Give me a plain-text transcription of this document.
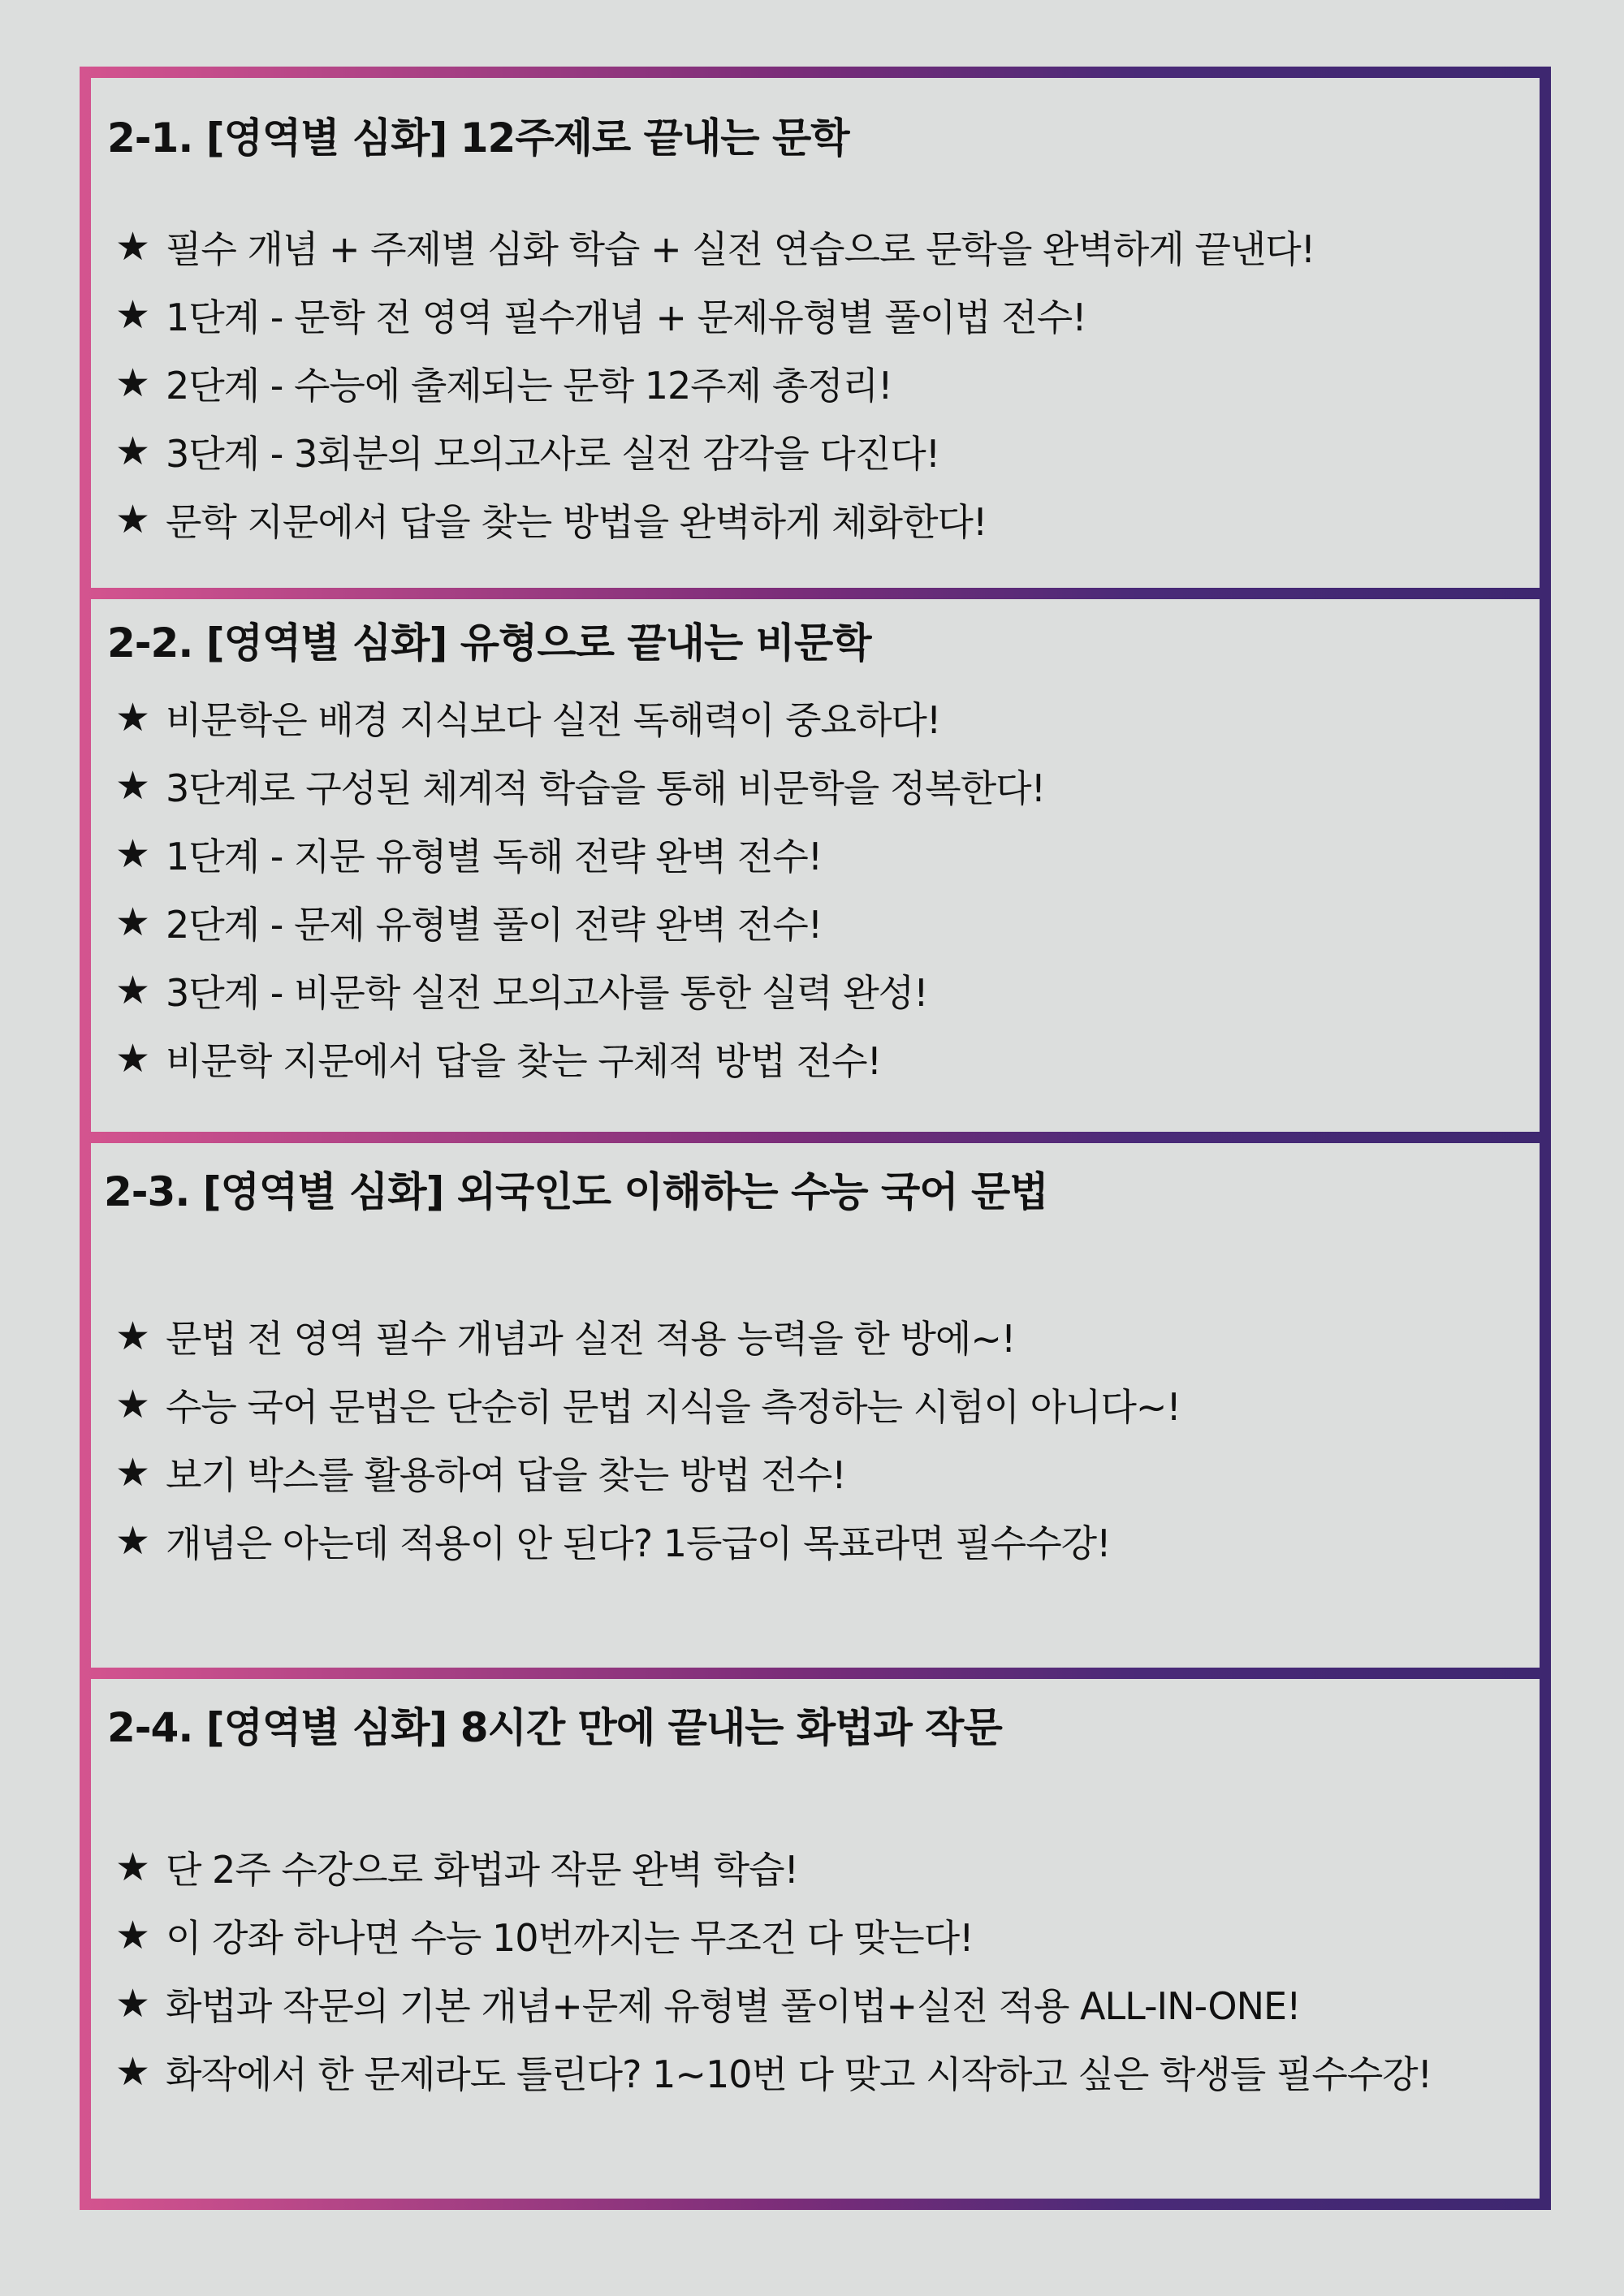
2-1. [영역별 심화] 12주제로 끝내는 문학
★ 필수 개념 + 주제별 심화 학습 + 실전 연습으로 문학을 완벽하게 끝낸다!
★ 1단계 - 문학 전 영역 필수개념 + 문제유형별 풀이법 전수!
★ 2단계 - 수능에 출제되는 문학 12주제 총정리!
★ 3단계 - 3회분의 모의고사로 실전 감각을 다진다!
★ 문학 지문에서 답을 찾는 방법을 완벽하게 체화한다!
2-2. [영역별 심화] 유형으로 끝내는 비문학
★ 비문학은 배경 지식보다 실전 독해력이 중요하다!
★ 3단계로 구성된 체계적 학습을 통해 비문학을 정복한다!
★ 1단계 - 지문 유형별 독해 전략 완벽 전수!
★ 2단계 - 문제 유형별 풀이 전략 완벽 전수!
★ 3단계 - 비문학 실전 모의고사를 통한 실력 완성!
★ 비문학 지문에서 답을 찾는 구체적 방법 전수!
2-3. [영역별 심화] 외국인도 이해하는 수능 국어 문법
★ 문법 전 영역 필수 개념과 실전 적용 능력을 한 방에~!
★ 수능 국어 문법은 단순히 문법 지식을 측정하는 시험이 아니다~!
★ 보기 박스를 활용하여 답을 찾는 방법 전수!
★ 개념은 아는데 적용이 안 된다? 1등급이 목표라면 필수수강!
2-4. [영역별 심화] 8시간 만에 끝내는 화법과 작문
★ 단 2주 수강으로 화법과 작문 완벽 학습!
★ 이 강좌 하나면 수능 10번까지는 무조건 다 맞는다!
★ 화법과 작문의 기본 개념+문제 유형별 풀이법+실전 적용 ALL-IN-ONE!
★ 화작에서 한 문제라도 틀린다? 1~10번 다 맞고 시작하고 싶은 학생들 필수수강!
